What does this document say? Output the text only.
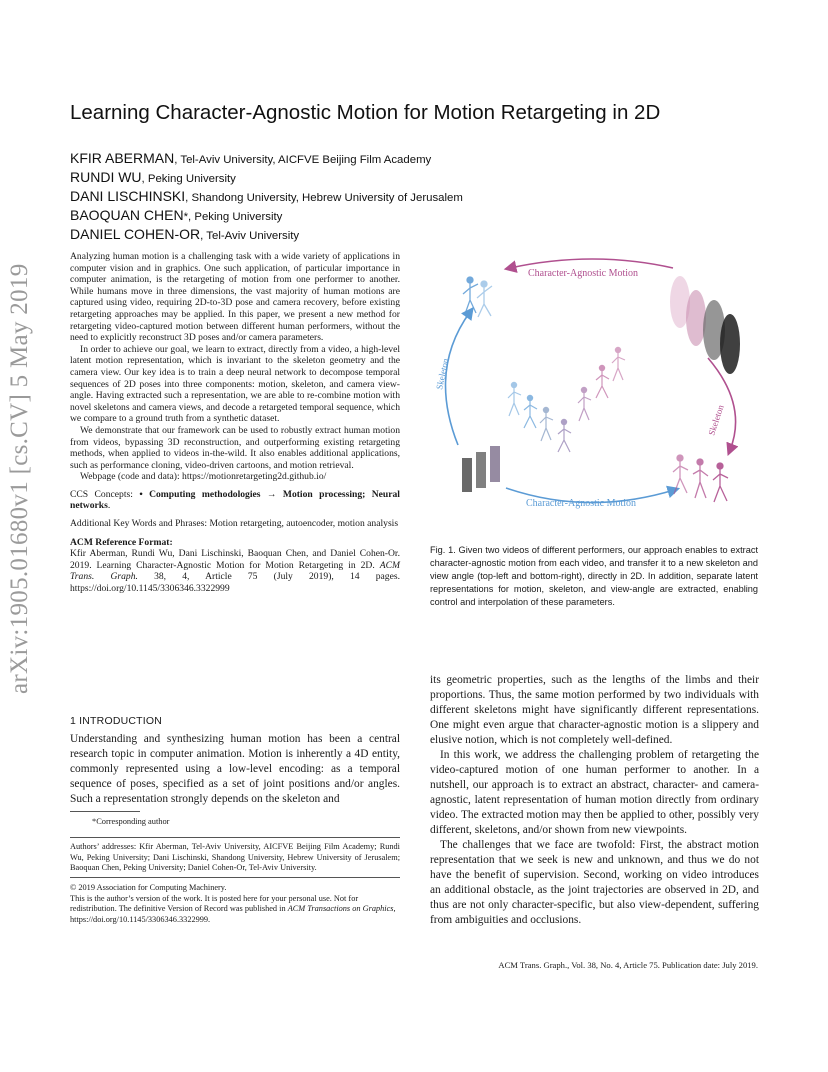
arXiv:1905.01680v1 [cs.CV] 5 May 2019
Learning Character-Agnostic Motion for Motion Retargeting in 2D
KFIR ABERMAN, Tel-Aviv University, AICFVE Beijing Film Academy
RUNDI WU, Peking University
DANI LISCHINSKI, Shandong University, Hebrew University of Jerusalem
BAOQUAN CHEN*, Peking University
DANIEL COHEN-OR, Tel-Aviv University

Analyzing human motion is a challenging task with a wide variety of applications in computer vision and in graphics. One such application, of particular importance in computer animation, is the retargeting of motion from one performer to another. While humans move in three dimensions, the vast majority of human motions are captured using video, requiring 2D-to-3D pose and camera recovery, before existing retargeting approaches may be applied. In this paper, we present a new method for retargeting video-captured motion between different human performers, without the need to explicitly reconstruct 3D poses and/or camera parameters.

In order to achieve our goal, we learn to extract, directly from a video, a high-level latent motion representation, which is invariant to the skeleton geometry and the camera view. Our key idea is to train a deep neural network to decompose temporal sequences of 2D poses into three components: motion, skeleton, and camera view-angle. Having extracted such a representation, we are able to re-combine motion with novel skeletons and camera views, and decode a retargeted temporal sequence, which we compare to a ground truth from a synthetic dataset.

We demonstrate that our framework can be used to robustly extract human motion from videos, bypassing 3D reconstruction, and outperforming existing retargeting methods, when applied to videos in-the-wild. It also enables additional applications, such as performance cloning, video-driven cartoons, and motion retrieval.

Webpage (code and data): https://motionretargeting2d.github.io/

CCS Concepts: • Computing methodologies → Motion processing; Neural networks.

Additional Key Words and Phrases: Motion retargeting, autoencoder, motion analysis

ACM Reference Format:

Kfir Aberman, Rundi Wu, Dani Lischinski, Baoquan Chen, and Daniel Cohen-Or. 2019. Learning Character-Agnostic Motion for Motion Retargeting in 2D. ACM Trans. Graph. 38, 4, Article 75 (July 2019), 14 pages. https://doi.org/10.1145/3306346.3322999

1 INTRODUCTION
Understanding and synthesizing human motion has been a central research topic in computer animation. Motion is inherently a 4D entity, commonly represented using a low-level encoding: as a temporal sequence of poses, specified as a set of joint positions and/or angles. Such a representation strongly depends on the skeleton and
*Corresponding author
Authors’ addresses: Kfir Aberman, Tel-Aviv University, AICFVE Beijing Film Academy; Rundi Wu, Peking University; Dani Lischinski, Shandong University, Hebrew University of Jerusalem; Baoquan Chen, Peking University; Daniel Cohen-Or, Tel-Aviv University.
© 2019 Association for Computing Machinery.
This is the author’s version of the work. It is posted here for your personal use. Not for redistribution. The definitive Version of Record was published in ACM Transactions on Graphics, https://doi.org/10.1145/3306346.3322999.
Character-Agnostic Motion
Character-Agnostic Motion
Skeleton
Skeleton
Fig. 1. Given two videos of different performers, our approach enables to extract character-agnostic motion from each video, and transfer it to a new skeleton and view angle (top-left and bottom-right), directly in 2D. In addition, separate latent representations for motion, skeleton, and view-angle are extracted, enabling control and interpolation of these parameters.

its geometric properties, such as the lengths of the limbs and their proportions. Thus, the same motion performed by two individuals with different skeletons might have significantly different representations. One might even argue that character-agnostic motion is a slippery and elusive notion, which is not completely well-defined.

In this work, we address the challenging problem of retargeting the video-captured motion of one human performer to another. In a nutshell, our approach is to extract an abstract, character- and camera-agnostic, latent representation of human motion directly from ordinary video. The extracted motion may then be applied to other, possibly very different, skeletons, and/or shown from new viewpoints.

The challenges that we face are twofold: First, the abstract motion representation that we seek is new and unknown, and thus we do not have the benefit of supervision. Second, working on video introduces an additional obstacle, as the joint trajectories are observed in 2D, and thus are not only character-specific, but also view-dependent, suffering from ambiguities and occlusions.

ACM Trans. Graph., Vol. 38, No. 4, Article 75. Publication date: July 2019.
